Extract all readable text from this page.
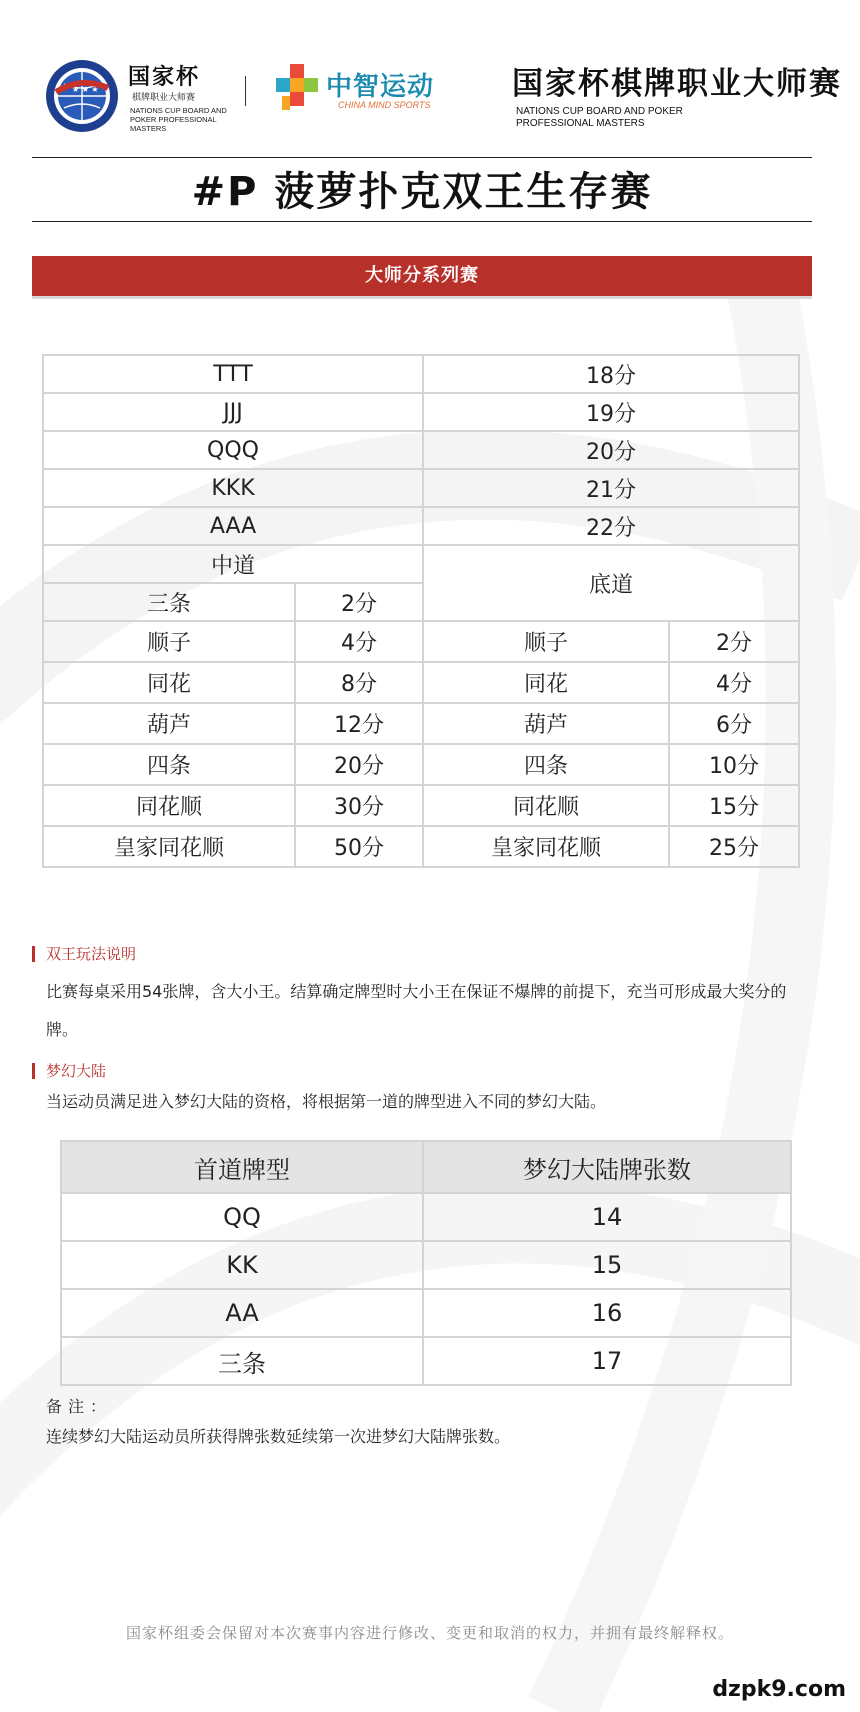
★ ★ ★ 国家杯
棋牌职业大师赛
NATIONS CUP BOARD AND POKER PROFESSIONAL MASTERS
中智运动
CHINA MIND SPORTS
国家杯棋牌职业大师赛
NATIONS CUP BOARD AND POKER PROFESSIONAL MASTERS
#P 菠萝扑克双王生存赛
大师分系列赛
TTT		18分	
JJJ		19分	
QQQ		20分	
KKK		21分	
AAA		22分	
中道		底道	
三条	2分		
顺子	4分	顺子	2分
同花	8分	同花	4分
葫芦	12分	葫芦	6分
四条	20分	四条	10分
同花顺	30分	同花顺	15分
皇家同花顺	50分	皇家同花顺	25分
双王玩法说明
比赛每桌采用54张牌，含大小王。结算确定牌型时大小王在保证不爆牌的前提下，充当可形成最大奖分的牌。
梦幻大陆
当运动员满足进入梦幻大陆的资格，将根据第一道的牌型进入不同的梦幻大陆。
首道牌型	梦幻大陆牌张数
QQ	14
KK	15
AA	16
三条	17
备注：
连续梦幻大陆运动员所获得牌张数延续第一次进梦幻大陆牌张数。
国家杯组委会保留对本次赛事内容进行修改、变更和取消的权力，并拥有最终解释权。
dzpk9.com
